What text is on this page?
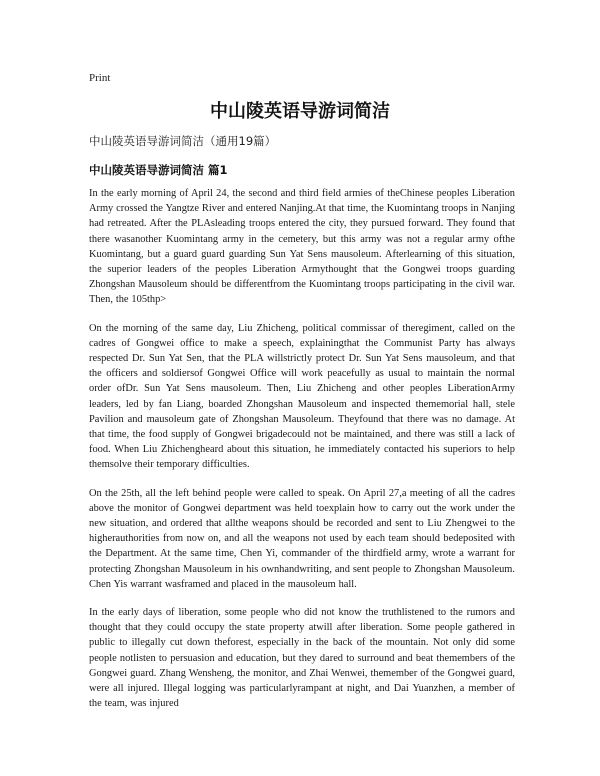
Print
中山陵英语导游词简洁

中山陵英语导游词简洁（通用19篇）

中山陵英语导游词简洁 篇1

In the early morning of April 24, the second and third field armies of theChinese peoples Liberation Army crossed the Yangtze River and entered Nanjing.At that time, the Kuomintang troops in Nanjing had retreated. After the PLAsleading troops entered the city, they pursued forward. They found that there wasanother Kuomintang army in the cemetery, but this army was not a regular army ofthe Kuomintang, but a guard guard guarding Sun Yat Sens mausoleum. Afterlearning of this situation, the superior leaders of the peoples Liberation Armythought that the Gongwei troops guarding Zhongshan Mausoleum should be differentfrom the Kuomintang troops participating in the civil war. Then, the 105thp>

On the morning of the same day, Liu Zhicheng, political commissar of theregiment, called on the cadres of Gongwei office to make a speech, explainingthat the Communist Party has always respected Dr. Sun Yat Sen, that the PLA willstrictly protect Dr. Sun Yat Sens mausoleum, and that the officers and soldiersof Gongwei Office will work peacefully as usual to maintain the normal order ofDr. Sun Yat Sens mausoleum. Then, Liu Zhicheng and other peoples LiberationArmy leaders, led by fan Liang, boarded Zhongshan Mausoleum and inspected thememorial hall, stele Pavilion and mausoleum gate of Zhongshan Mausoleum. Theyfound that there was no damage. At that time, the food supply of Gongwei brigadecould not be maintained, and there was still a lack of food. When Liu Zhichengheard about this situation, he immediately contacted his superiors to help themsolve their temporary difficulties.

On the 25th, all the left behind people were called to speak. On April 27,a meeting of all the cadres above the monitor of Gongwei department was held toexplain how to carry out the work under the new situation, and ordered that allthe weapons should be recorded and sent to Liu Zhengwei to the higherauthorities from now on, and all the weapons not used by each team should bedeposited with the Department. At the same time, Chen Yi, commander of the thirdfield army, wrote a warrant for protecting Zhongshan Mausoleum in his ownhandwriting, and sent people to Zhongshan Mausoleum. Chen Yis warrant wasframed and placed in the mausoleum hall.

In the early days of liberation, some people who did not know the truthlistened to the rumors and thought that they could occupy the state property atwill after liberation. Some people gathered in public to illegally cut down theforest, especially in the back of the mountain. Not only did some people notlisten to persuasion and education, but they dared to surround and beat themembers of the Gongwei guard. Zhang Wensheng, the monitor, and Zhai Wenwei, themember of the Gongwei guard, were all injured. Illegal logging was particularlyrampant at night, and Dai Yuanzhen, a member of the team, was injured
